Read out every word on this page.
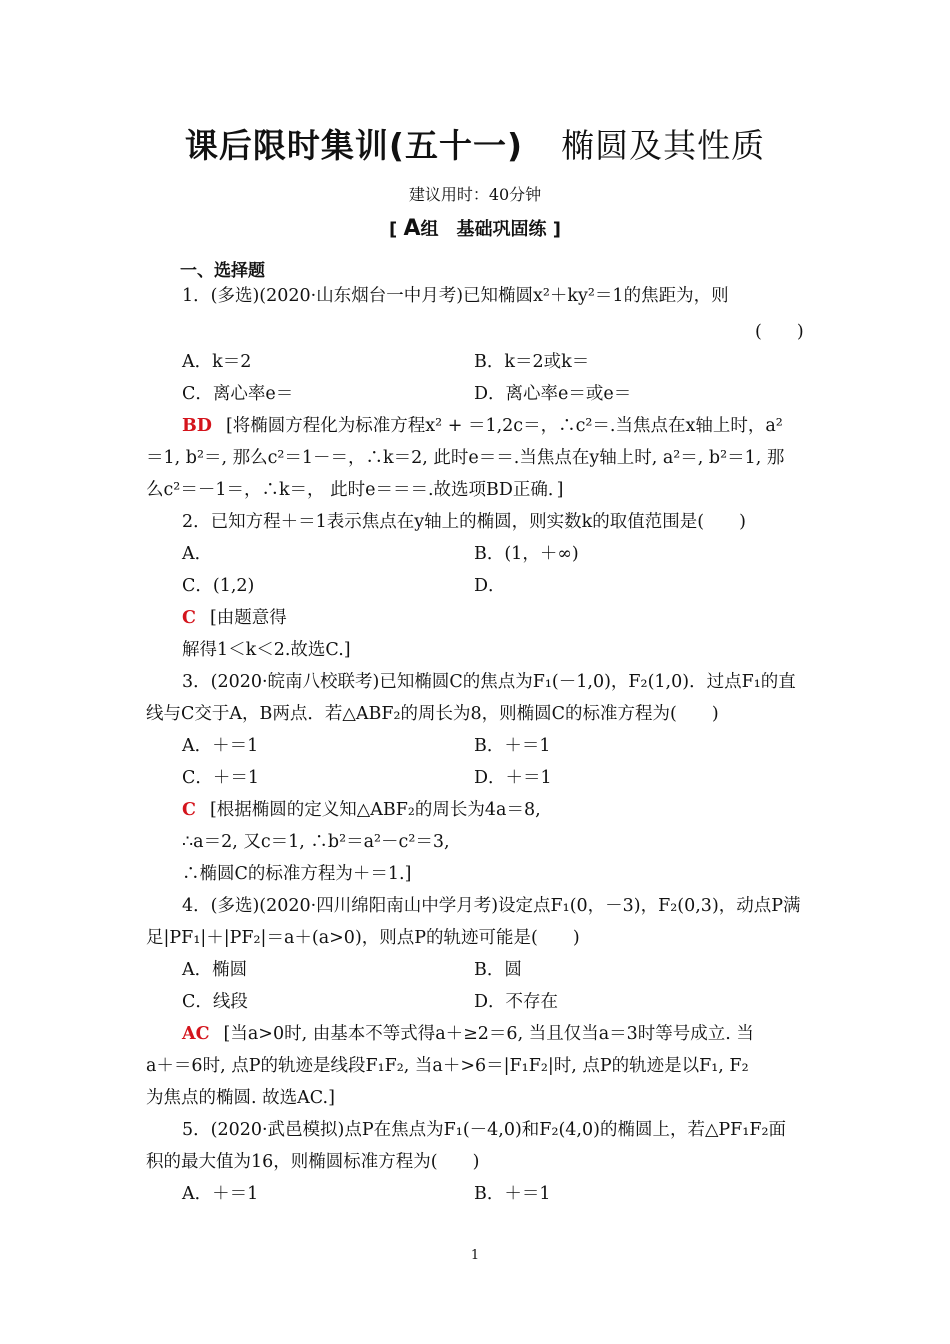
课后限时集训(五十一) 椭圆及其性质
建议用时：40分钟
[ A组　基础巩固练 ]
一、选择题
1．(多选)(2020·山东烟台一中月考)已知椭圆x²＋ky²＝1的焦距为，则
(　　)
A．k＝2	B．k＝2或k＝
C．离心率e＝	D．离心率e＝或e＝
BD [将椭圆方程化为标准方程x² + ＝1,2c＝，∴c²＝.当焦点在x轴上时，a²
＝1, b²＝, 那么c²＝1－＝，∴k＝2, 此时e＝＝.当焦点在y轴上时, a²＝, b²＝1, 那
么c²＝－1＝，∴k＝， 此时e＝＝＝.故选项BD正确．]
2．已知方程＋＝1表示焦点在y轴上的椭圆，则实数k的取值范围是(　　)
A．	B．(1，＋∞)
C．(1,2)	D．
C [由题意得
解得1＜k＜2.故选C.]
3．(2020·皖南八校联考)已知椭圆C的焦点为F₁(－1,0)，F₂(1,0)．过点F₁的直
线与C交于A，B两点．若△ABF₂的周长为8，则椭圆C的标准方程为(　　)
A．＋＝1	B．＋＝1
C．＋＝1	D．＋＝1
C [根据椭圆的定义知△ABF₂的周长为4a＝8,
∴a＝2, 又c＝1, ∴b²＝a²－c²＝3,
∴椭圆C的标准方程为＋＝1.]
4．(多选)(2020·四川绵阳南山中学月考)设定点F₁(0，－3)，F₂(0,3)，动点P满
足|PF₁|＋|PF₂|＝a＋(a>0)，则点P的轨迹可能是(　　)
A．椭圆	B．圆
C．线段	D．不存在
AC [当a>0时, 由基本不等式得a＋≥2＝6, 当且仅当a＝3时等号成立. 当
a＋＝6时, 点P的轨迹是线段F₁F₂, 当a＋>6＝|F₁F₂|时, 点P的轨迹是以F₁, F₂
为焦点的椭圆. 故选AC.]
5．(2020·武邑模拟)点P在焦点为F₁(－4,0)和F₂(4,0)的椭圆上，若△PF₁F₂面
积的最大值为16，则椭圆标准方程为(　　)
A．＋＝1	B．＋＝1
1
